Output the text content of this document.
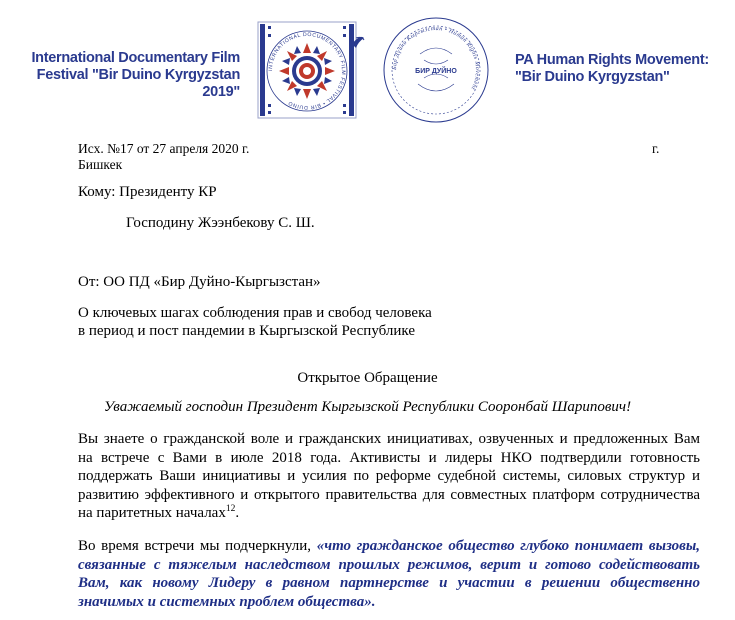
International Documentary Film
Festival "Bir Duino Kyrgyzstan 2019"
INTERNATIONAL DOCUMENTARY FILM FESTIVAL • BIR DUINO
Бир Дүйнө Кыргызстан • Human Rights Movement
БИР ДУЙНО
PA Human Rights Movement:
"Bir Duino Kyrgyzstan"
Исх. №17 от 27 апреля 2020 г.	г.
Бишкек
Кому: Президенту КР
Господину Жээнбекову С. Ш.
От: ОО ПД «Бир Дуйно-Кыргызстан»
О ключевых шагах соблюдения прав и свобод человека
в период и пост пандемии в Кыргызской Республике
Открытое Обращение
Уважаемый господин Президент Кыргызской Республики Сооронбай Шарипович!
Вы знаете о гражданской воле и гражданских инициативах, озвученных и предложенных Вам
на встрече с Вами в июле 2018 года. Активисты и лидеры НКО подтвердили готовность
поддержать Ваши инициативы и усилия по реформе судебной системы, силовых структур и
развитию эффективного и открытого правительства для совместных платформ сотрудничества
на паритетных началах$^{12}$.
Во время встречи мы подчеркнули, «что гражданское общество глубоко понимает вызовы,
связанные с тяжелым наследством прошлых режимов, верит и готово содействовать
Вам, как новому Лидеру в равном партнерстве и участии в решении общественно
значимых и системных проблем общества».
